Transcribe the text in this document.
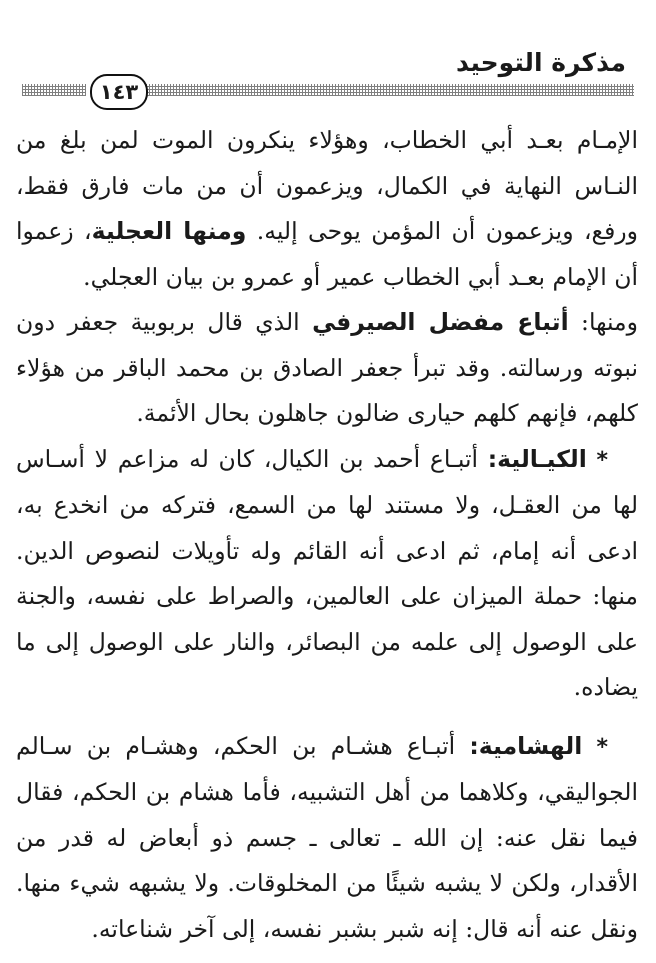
مذكرة التوحيد
١٤٣

الإمـام بعـد أبي الخطاب، وهؤلاء ينكرون الموت لمن بلغ من النـاس النهاية في الكمال، ويزعمون أن من مات فارق فقط، ورفع، ويزعمون أن المؤمن يوحى إليه. ومنها العجلية، زعموا أن الإمام بعـد أبي الخطاب عمير أو عمرو بن بيان العجلي.

ومنها: أتباع مفضل الصيرفي الذي قال بربوبية جعفر دون نبوته ورسالته. وقد تبرأ جعفر الصادق بن محمد الباقر من هؤلاء كلهم، فإنهم كلهم حيارى ضالون جاهلون بحال الأئمة.

* الكيـالية: أتبـاع أحمد بن الكيال، كان له مزاعم لا أسـاس لها من العقـل، ولا مستند لها من السمع، فتركه من انخدع به، ادعى أنه إمام، ثم ادعى أنه القائم وله تأويلات لنصوص الدين. منها: حملة الميزان على العالمين، والصراط على نفسه، والجنة على الوصول إلى علمه من البصائر، والنار على الوصول إلى ما يضاده.

* الهشامية: أتبـاع هشـام بن الحكم، وهشـام بن سـالم الجواليقي، وكلاهما من أهل التشبيه، فأما هشام بن الحكم، فقال فيما نقل عنه: إن الله ـ تعالى ـ جسم ذو أبعاض له قدر من الأقدار، ولكن لا يشبه شيئًا من المخلوقات. ولا يشبهه شيء منها. ونقل عنه أنه قال: إنه شبر بشبر نفسه، إلى آخر شناعاته.
